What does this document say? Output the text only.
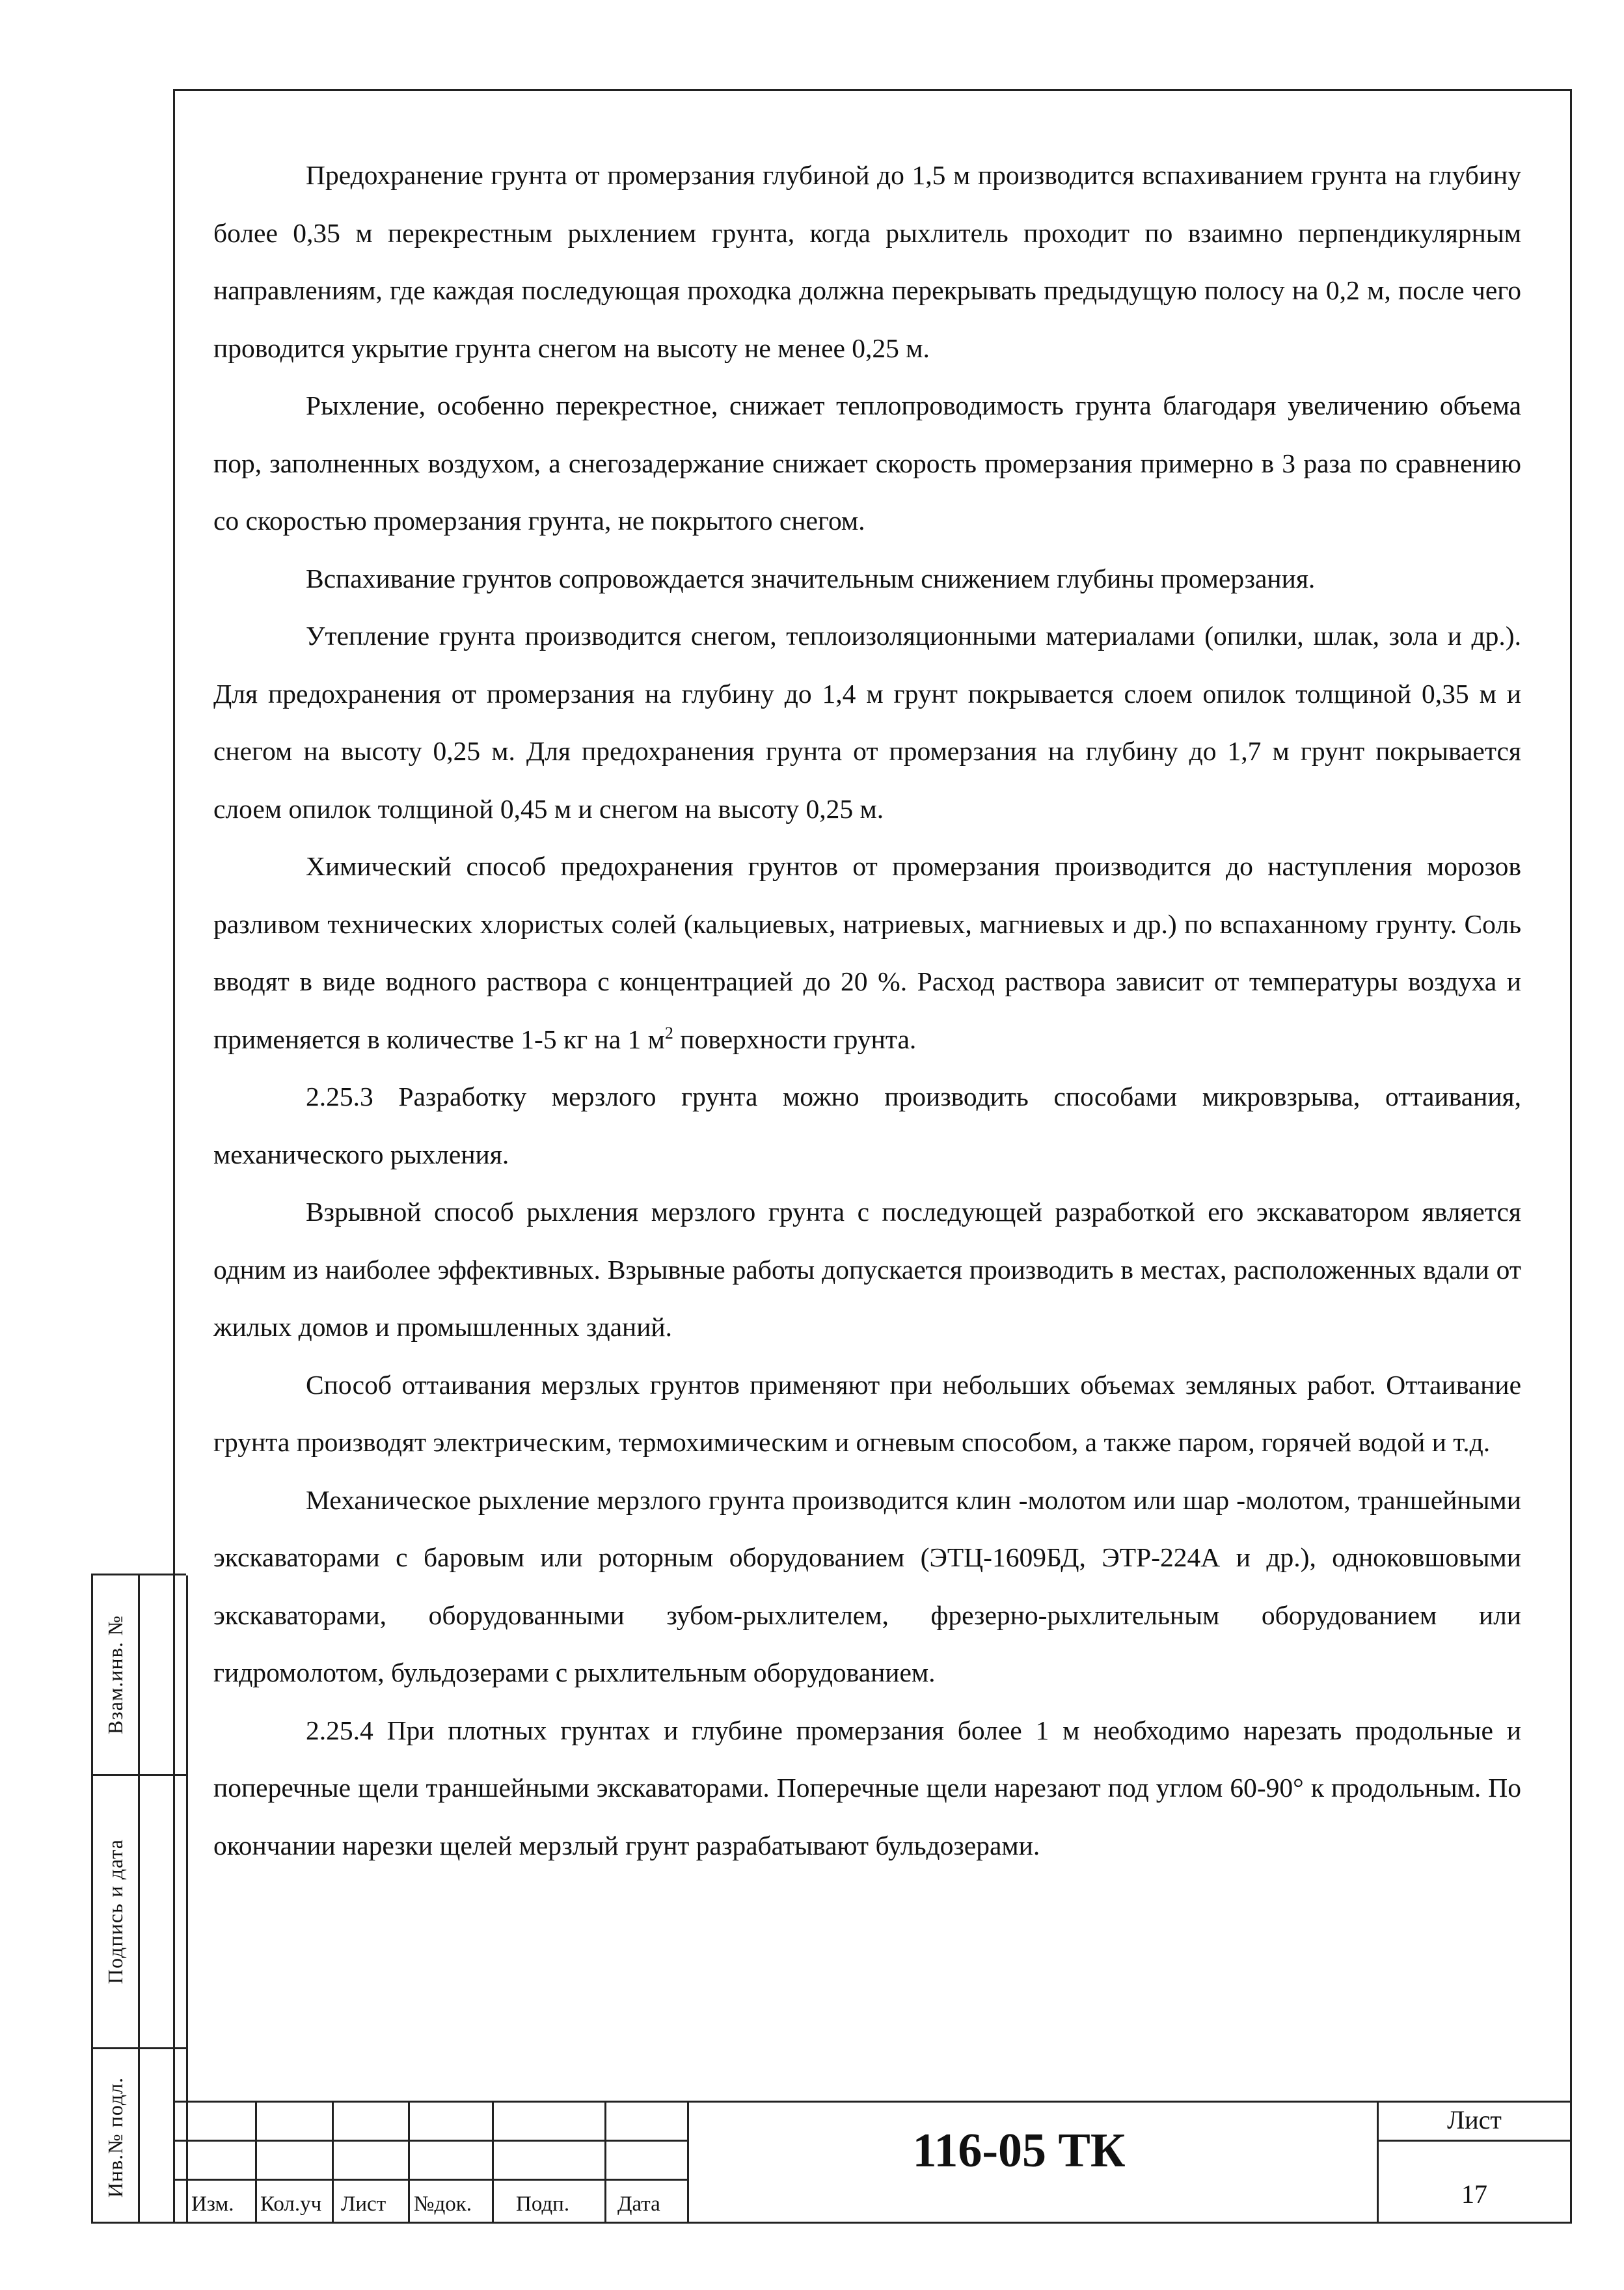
Предохранение грунта от промерзания глубиной до 1,5 м производится вспахиванием грунта на глубину более 0,35 м перекрестным рыхлением грунта, когда рыхлитель проходит по взаимно перпендикулярным направлениям, где каждая последующая проходка должна перекрывать предыдущую полосу на 0,2 м, после чего проводится укрытие грунта снегом на высоту не менее 0,25 м.

Рыхление, особенно перекрестное, снижает теплопроводимость грунта благодаря увеличению объема пор, заполненных воздухом, а снегозадержание снижает скорость промерзания примерно в 3 раза по сравнению со скоростью промерзания грунта, не покрытого снегом.

Вспахивание грунтов сопровождается значительным снижением глубины промерзания.

Утепление грунта производится снегом, теплоизоляционными материалами (опилки, шлак, зола и др.). Для предохранения от промерзания на глубину до 1,4 м грунт покрывается слоем опилок толщиной 0,35 м и снегом на высоту 0,25 м. Для предохранения грунта от промерзания на глубину до 1,7 м грунт покрывается слоем опилок толщиной 0,45 м и снегом на высоту 0,25 м.

Химический способ предохранения грунтов от промерзания производится до наступления морозов разливом технических хлористых солей (кальциевых, натриевых, магниевых и др.) по вспаханному грунту. Соль вводят в виде водного раствора с концентрацией до 20 %. Расход раствора зависит от температуры воздуха и применяется в количестве 1-5 кг на 1 $м^2$ поверхности грунта.

2.25.3 Разработку мерзлого грунта можно производить способами микровзрыва, оттаивания, механического рыхления.

Взрывной способ рыхления мерзлого грунта с последующей разработкой его экскаватором является одним из наиболее эффективных. Взрывные работы допускается производить в местах, расположенных вдали от жилых домов и промышленных зданий.

Способ оттаивания мерзлых грунтов применяют при небольших объемах земляных работ. Оттаивание грунта производят электрическим, термохимическим и огневым способом, а также паром, горячей водой и т.д.

Механическое рыхление мерзлого грунта производится клин -молотом или шар -молотом, траншейными экскаваторами с баровым или роторным оборудованием (ЭТЦ-1609БД, ЭТР-224А и др.), одноковшовыми экскаваторами, оборудованными зубом-рыхлителем, фрезерно-рыхлительным оборудованием или гидромолотом, бульдозерами с рыхлительным оборудованием.

2.25.4 При плотных грунтах и глубине промерзания более 1 м необходимо нарезать продольные и поперечные щели траншейными экскаваторами. Поперечные щели нарезают под углом 60-90° к продольным. По окончании нарезки щелей мерзлый грунт разрабатывают бульдозерами.

Взам.инв. №
Подпись и дата
Инв.№ подл.
Изм. Кол.уч Лист №док. Подп. Дата
116-05 ТК
Лист
17
